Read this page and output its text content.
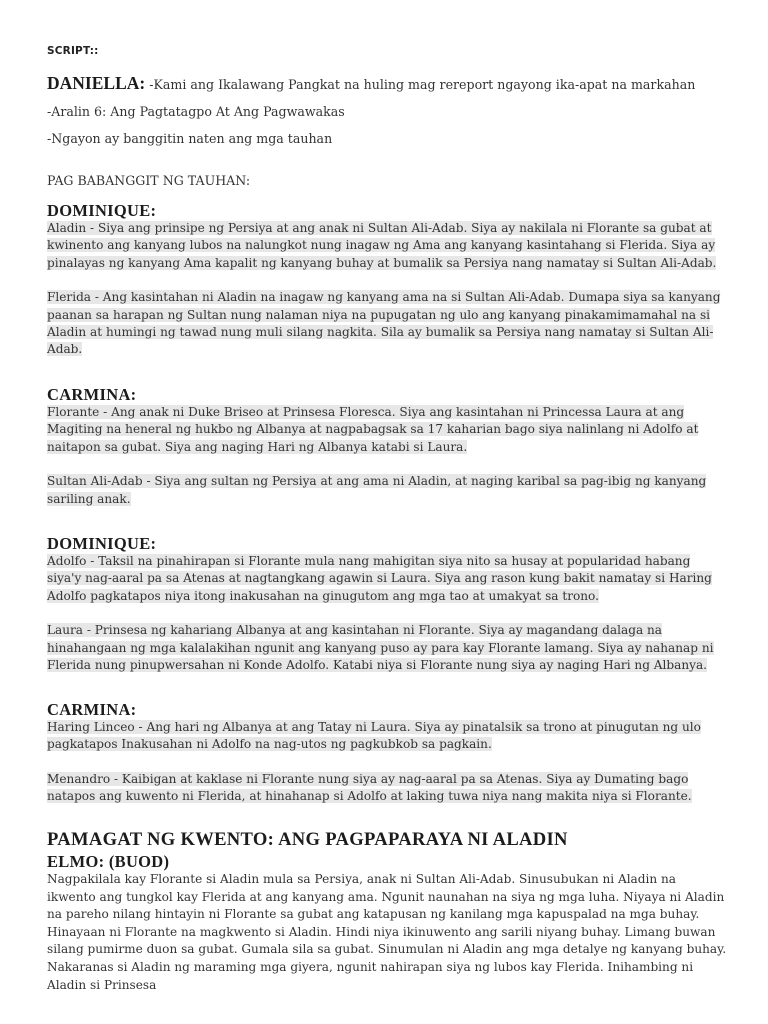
SCRIPT::
DANIELLA: -Kami ang Ikalawang Pangkat na huling mag rereport ngayong ika-apat na markahan
-Aralin 6: Ang Pagtatagpo At Ang Pagwawakas
-Ngayon ay banggitin naten ang mga tauhan
PAG BABANGGIT NG TAUHAN:
DOMINIQUE:

Aladin - Siya ang prinsipe ng Persiya at ang anak ni Sultan Ali-Adab. Siya ay nakilala ni Florante sa gubat at kwinento ang kanyang lubos na nalungkot nung inagaw ng Ama ang kanyang kasintahang si Flerida. Siya ay pinalayas ng kanyang Ama kapalit ng kanyang buhay at bumalik sa Persiya nang namatay si Sultan Ali-Adab.

Flerida - Ang kasintahan ni Aladin na inagaw ng kanyang ama na si Sultan Ali-Adab. Dumapa siya sa kanyang paanan sa harapan ng Sultan nung nalaman niya na pupugatan ng ulo ang kanyang pinakamimamahal na si Aladin at humingi ng tawad nung muli silang nagkita. Sila ay bumalik sa Persiya nang namatay si Sultan Ali-Adab.

CARMINA:

Florante - Ang anak ni Duke Briseo at Prinsesa Floresca. Siya ang kasintahan ni Princessa Laura at ang Magiting na heneral ng hukbo ng Albanya at nagpabagsak sa 17 kaharian bago siya nalinlang ni Adolfo at naitapon sa gubat. Siya ang naging Hari ng Albanya katabi si Laura.

Sultan Ali-Adab - Siya ang sultan ng Persiya at ang ama ni Aladin, at naging karibal sa pag-ibig ng kanyang sariling anak.

DOMINIQUE:

Adolfo - Taksil na pinahirapan si Florante mula nang mahigitan siya nito sa husay at popularidad habang siya'y nag-aaral pa sa Atenas at nagtangkang agawin si Laura. Siya ang rason kung bakit namatay si Haring Adolfo pagkatapos niya itong inakusahan na ginugutom ang mga tao at umakyat sa trono.

Laura - Prinsesa ng kahariang Albanya at ang kasintahan ni Florante. Siya ay magandang dalaga na hinahangaan ng mga kalalakihan ngunit ang kanyang puso ay para kay Florante lamang. Siya ay nahanap ni Flerida nung pinupwersahan ni Konde Adolfo. Katabi niya si Florante nung siya ay naging Hari ng Albanya.

CARMINA:

Haring Linceo - Ang hari ng Albanya at ang Tatay ni Laura. Siya ay pinatalsik sa trono at pinugutan ng ulo pagkatapos Inakusahan ni Adolfo na nag-utos ng pagkubkob sa pagkain.

Menandro - Kaibigan at kaklase ni Florante nung siya ay nag-aaral pa sa Atenas. Siya ay Dumating bago natapos ang kuwento ni Flerida, at hinahanap si Adolfo at laking tuwa niya nang makita niya si Florante.

PAMAGAT NG KWENTO: ANG PAGPAPARAYA NI ALADIN
ELMO: (BUOD)

Nagpakilala kay Florante si Aladin mula sa Persiya, anak ni Sultan Ali-Adab. Sinusubukan ni Aladin na ikwento ang tungkol kay Flerida at ang kanyang ama. Ngunit naunahan na siya ng mga luha. Niyaya ni Aladin na pareho nilang hintayin ni Florante sa gubat ang katapusan ng kanilang mga kapuspalad na mga buhay. Hinayaan ni Florante na magkwento si Aladin. Hindi niya ikinuwento ang sarili niyang buhay. Limang buwan silang pumirme duon sa gubat. Gumala sila sa gubat. Sinumulan ni Aladin ang mga detalye ng kanyang buhay. Nakaranas si Aladin ng maraming mga giyera, ngunit nahirapan siya ng lubos kay Flerida. Inihambing ni Aladin si Prinsesa
